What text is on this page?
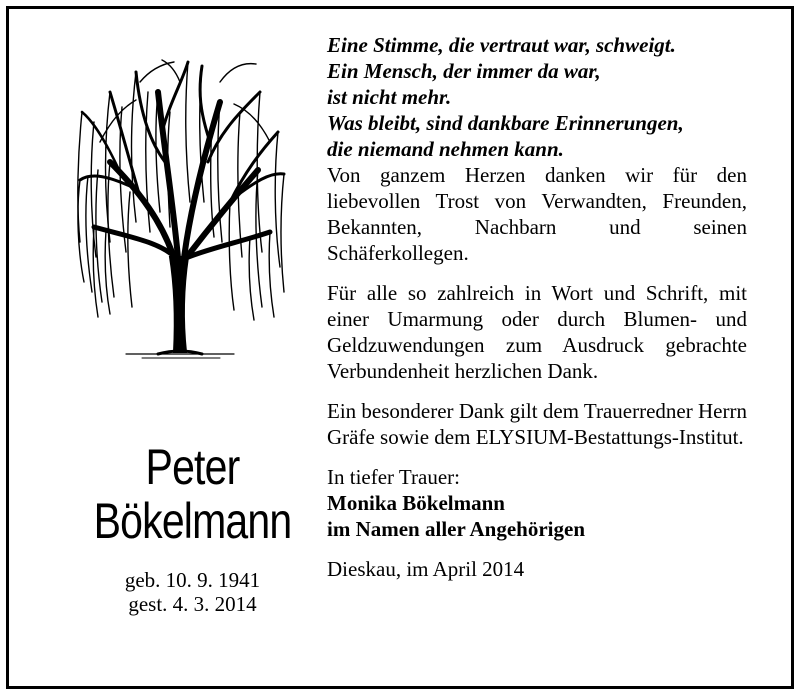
Peter
Bökelmann
geb. 10. 9. 1941
gest. 4. 3. 2014
Eine Stimme, die vertraut war, schweigt.
Ein Mensch, der immer da war,
ist nicht mehr.
Was bleibt, sind dankbare Erinnerungen,
die niemand nehmen kann.

Von ganzem Herzen danken wir für den liebevollen Trost von Verwandten, Freunden, Bekannten, Nachbarn und seinen Schäferkollegen.

Für alle so zahlreich in Wort und Schrift, mit einer Umarmung oder durch Blumen- und Geldzuwendungen zum Ausdruck gebrachte Verbundenheit herzlichen Dank.

Ein besonderer Dank gilt dem Trauerredner Herrn Gräfe sowie dem ELYSIUM-Bestattungs-Institut.

In tiefer Trauer:
Monika Bökelmann
im Namen aller Angehörigen
Dieskau, im April 2014
